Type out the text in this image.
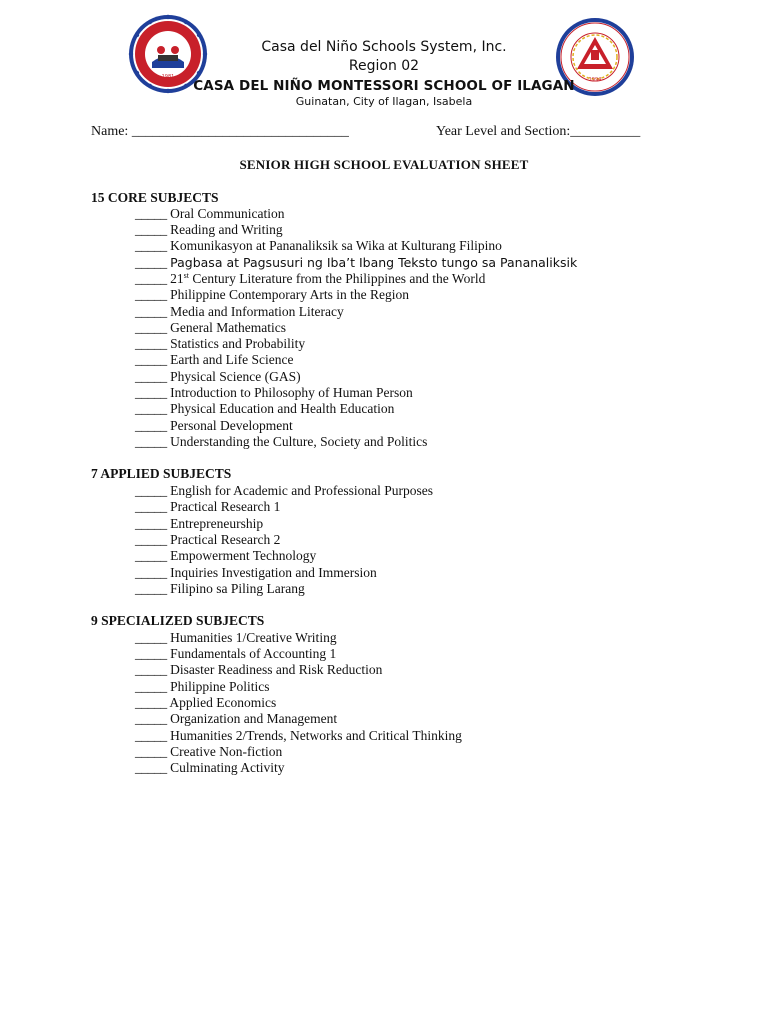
1981	1994
Casa del Niño Schools System, Inc.
Region 02
CASA DEL NIÑO MONTESSORI SCHOOL OF ILAGAN
Guinatan, City of Ilagan, Isabela
Name: _______________________________	Year Level and Section:__________
SENIOR HIGH SCHOOL EVALUATION SHEET
15 CORE SUBJECTS
_____ Oral Communication
_____ Reading and Writing
_____ Komunikasyon at Pananaliksik sa Wika at Kulturang Filipino
_____ Pagbasa at Pagsusuri ng Iba’t Ibang Teksto tungo sa Pananaliksik
_____ 21st Century Literature from the Philippines and the World
_____ Philippine Contemporary Arts in the Region
_____ Media and Information Literacy
_____ General Mathematics
_____ Statistics and Probability
_____ Earth and Life Science
_____ Physical Science (GAS)
_____ Introduction to Philosophy of Human Person
_____ Physical Education and Health Education
_____ Personal Development
_____ Understanding the Culture, Society and Politics
7 APPLIED SUBJECTS
_____ English for Academic and Professional Purposes
_____ Practical Research 1
_____ Entrepreneurship
_____ Practical Research 2
_____ Empowerment Technology
_____ Inquiries Investigation and Immersion
_____ Filipino sa Piling Larang
9 SPECIALIZED SUBJECTS
_____ Humanities 1/Creative Writing
_____ Fundamentals of Accounting 1
_____ Disaster Readiness and Risk Reduction
_____ Philippine Politics
_____ Applied Economics
_____ Organization and Management
_____ Humanities 2/Trends, Networks and Critical Thinking
_____ Creative Non-fiction
_____ Culminating Activity
